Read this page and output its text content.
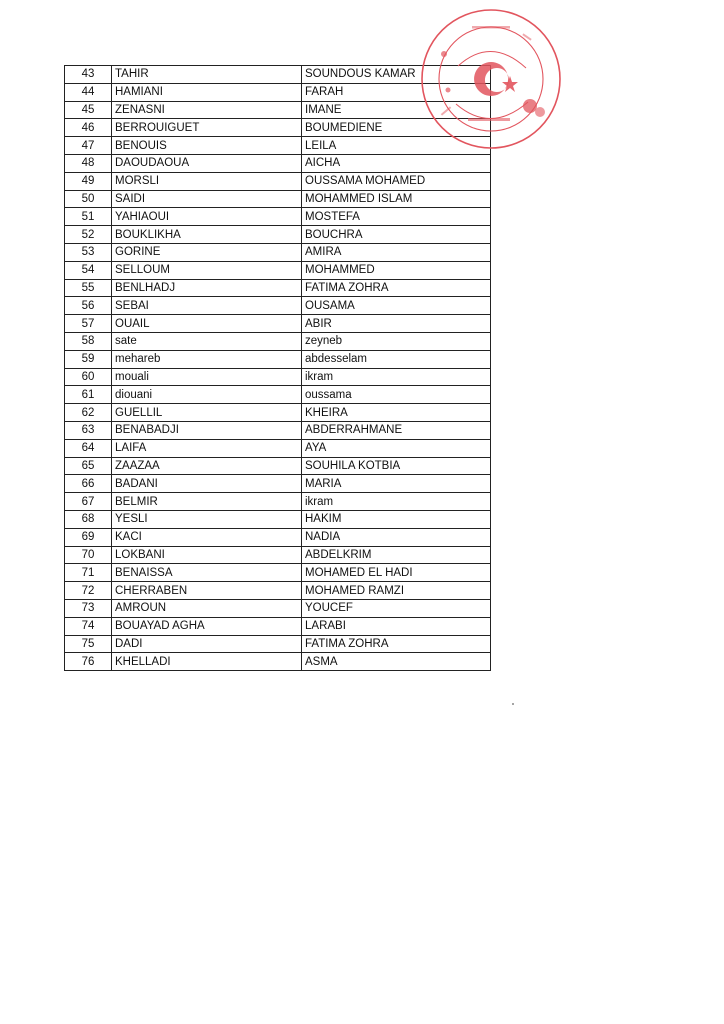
43	TAHIR	SOUNDOUS KAMAR
44	HAMIANI	FARAH
45	ZENASNI	IMANE
46	BERROUIGUET	BOUMEDIENE
47	BENOUIS	LEILA
48	DAOUDAOUA	AICHA
49	MORSLI	OUSSAMA MOHAMED
50	SAIDI	MOHAMMED ISLAM
51	YAHIAOUI	MOSTEFA
52	BOUKLIKHA	BOUCHRA
53	GORINE	AMIRA
54	SELLOUM	MOHAMMED
55	BENLHADJ	FATIMA ZOHRA
56	SEBAI	OUSAMA
57	OUAIL	ABIR
58	sate	zeyneb
59	mehareb	abdesselam
60	mouali	ikram
61	diouani	oussama
62	GUELLIL	KHEIRA
63	BENABADJI	ABDERRAHMANE
64	LAIFA	AYA
65	ZAAZAA	SOUHILA KOTBIA
66	BADANI	MARIA
67	BELMIR	ikram
68	YESLI	HAKIM
69	KACI	NADIA
70	LOKBANI	ABDELKRIM
71	BENAISSA	MOHAMED EL HADI
72	CHERRABEN	MOHAMED RAMZI
73	AMROUN	YOUCEF
74	BOUAYAD AGHA	LARABI
75	DADI	FATIMA ZOHRA
76	KHELLADI	ASMA
